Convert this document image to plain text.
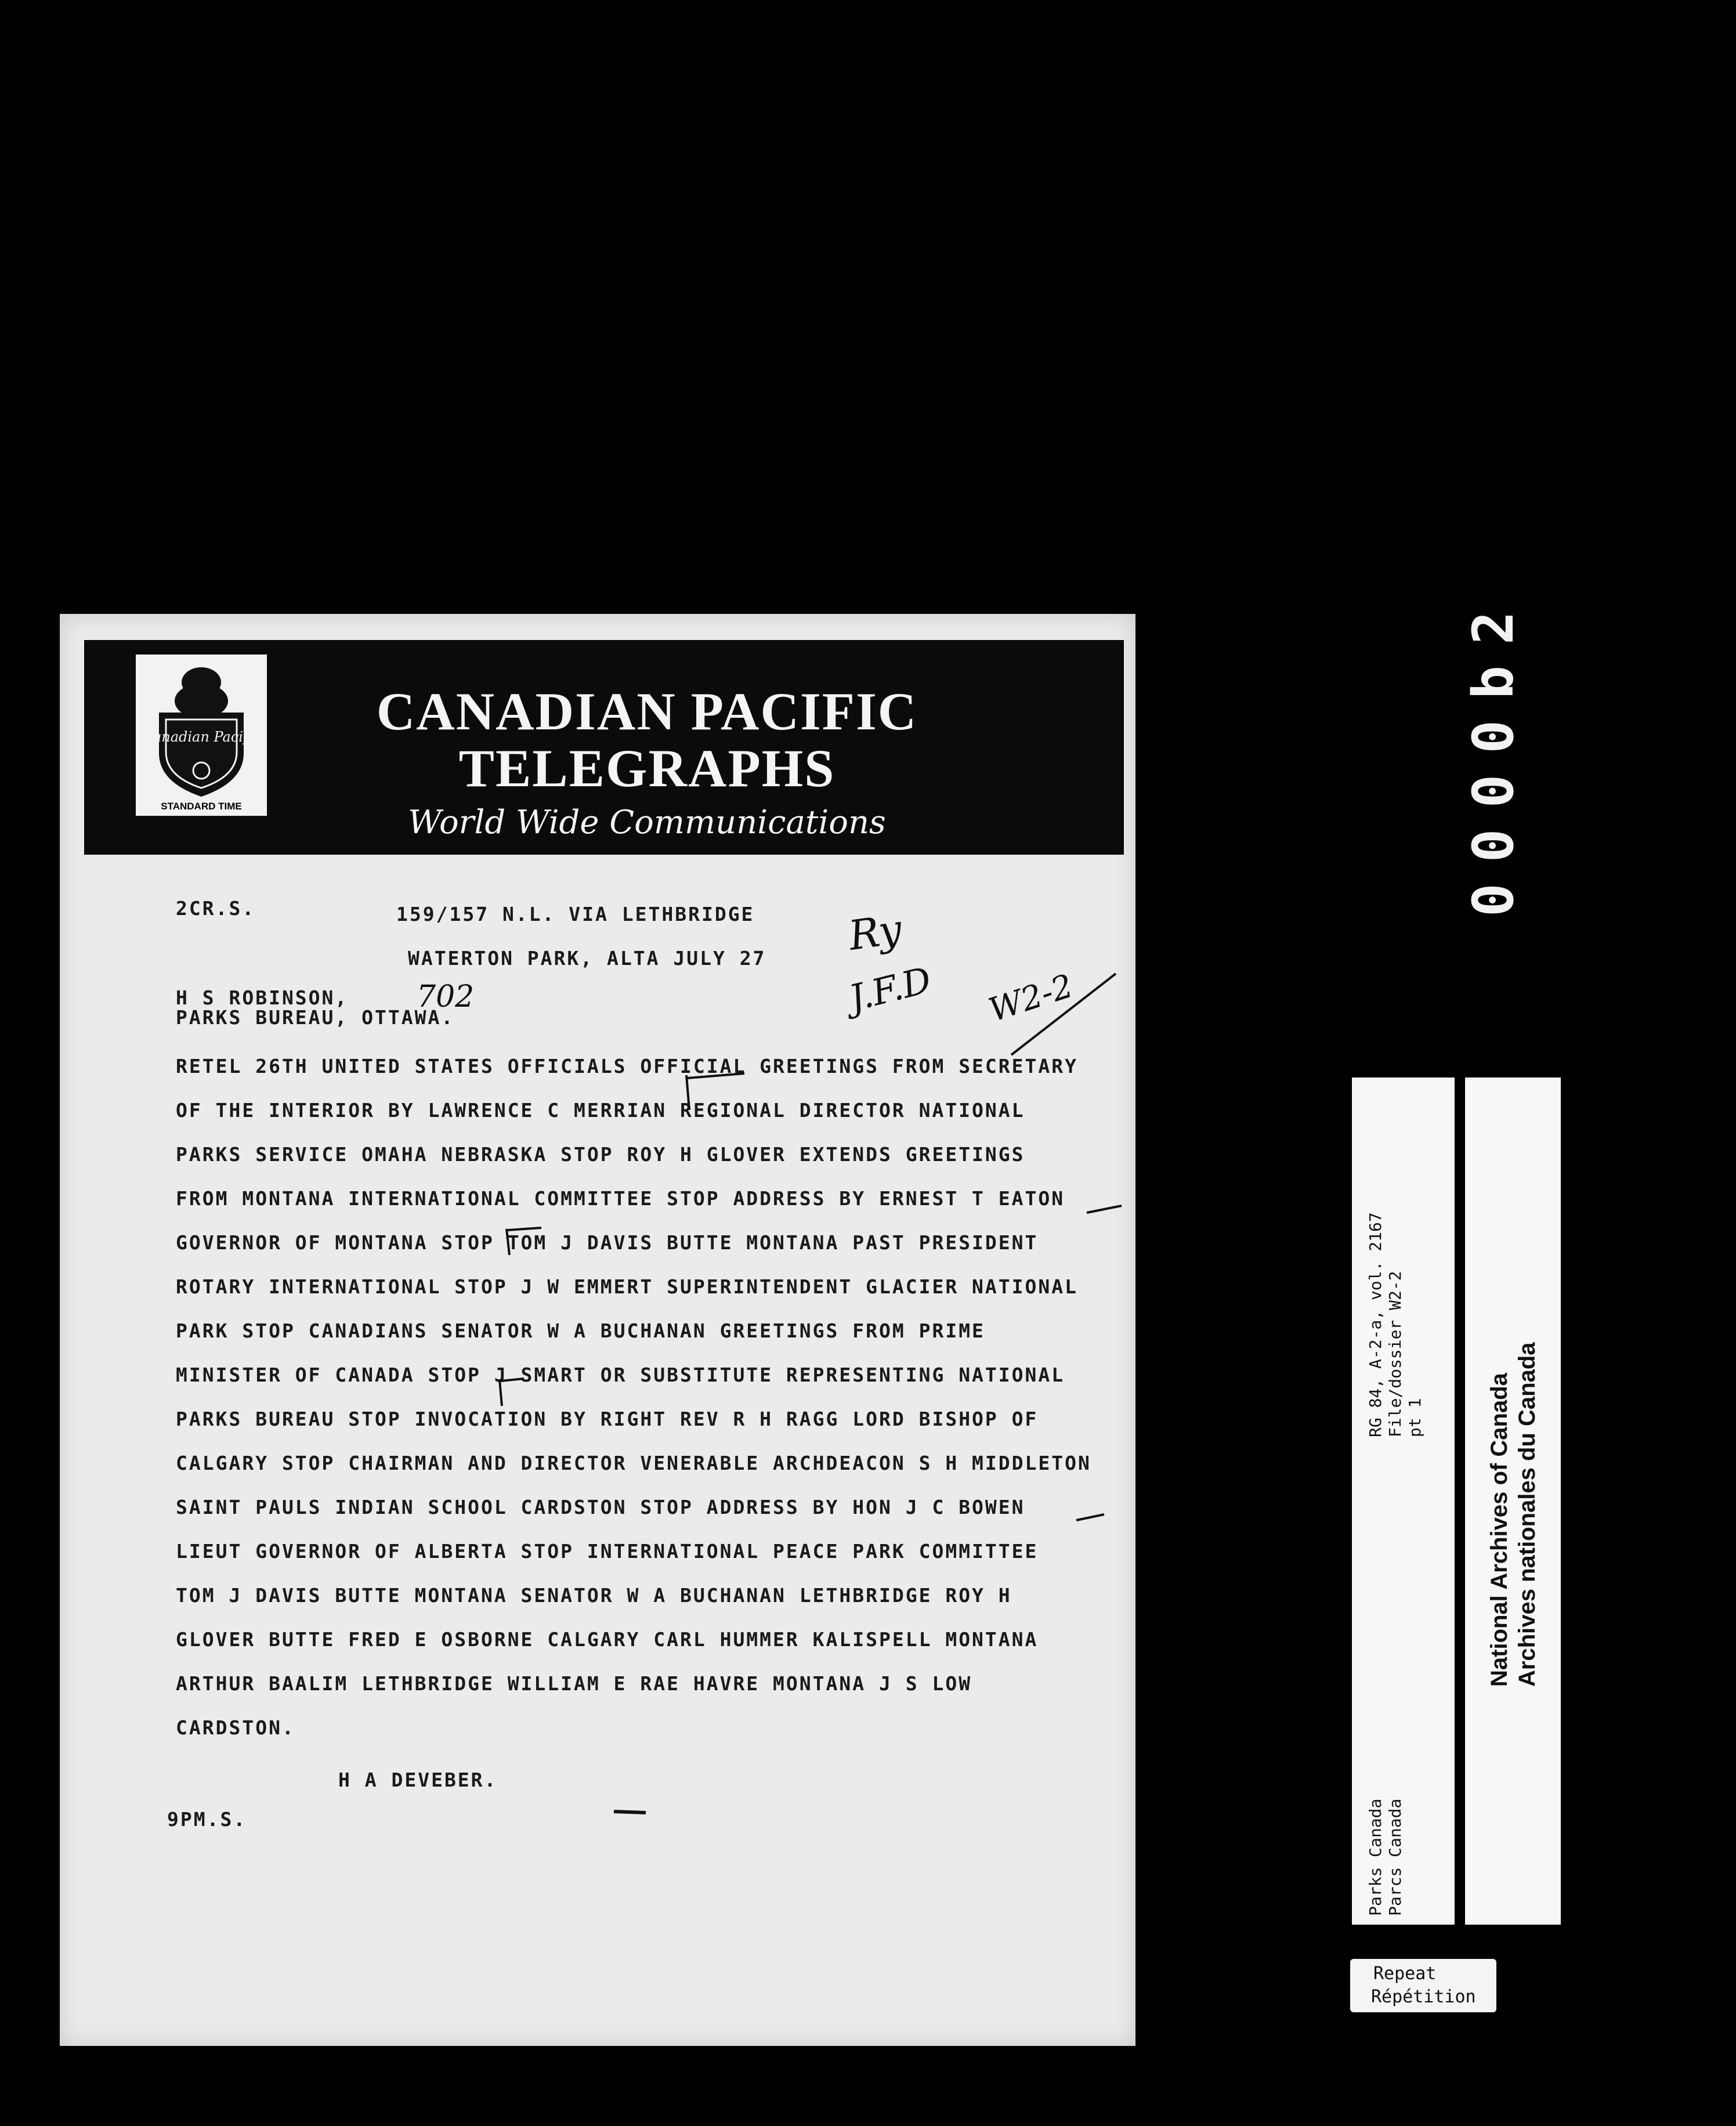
Canadian Pacific
STANDARD TIME
CANADIAN PACIFIC
TELEGRAPHS
World Wide Communications
2CR.S.	159/157 N.L. VIA LETHBRIDGE
WATERTON PARK, ALTA JULY 27
H S ROBINSON,
PARKS BUREAU, OTTAWA.
RETEL 26TH UNITED STATES OFFICIALS OFFICIAL GREETINGS FROM SECRETARY
OF THE INTERIOR BY LAWRENCE C MERRIAN REGIONAL DIRECTOR NATIONAL
PARKS SERVICE OMAHA NEBRASKA STOP ROY H GLOVER EXTENDS GREETINGS
FROM MONTANA INTERNATIONAL COMMITTEE STOP ADDRESS BY ERNEST T EATON
GOVERNOR OF MONTANA STOP TOM J DAVIS BUTTE MONTANA PAST PRESIDENT
ROTARY INTERNATIONAL STOP J W EMMERT SUPERINTENDENT GLACIER NATIONAL
PARK STOP CANADIANS SENATOR W A BUCHANAN GREETINGS FROM PRIME
MINISTER OF CANADA STOP J SMART OR SUBSTITUTE REPRESENTING NATIONAL
PARKS BUREAU STOP INVOCATION BY RIGHT REV R H RAGG LORD BISHOP OF
CALGARY STOP CHAIRMAN AND DIRECTOR VENERABLE ARCHDEACON S H MIDDLETON
SAINT PAULS INDIAN SCHOOL CARDSTON STOP ADDRESS BY HON J C BOWEN
LIEUT GOVERNOR OF ALBERTA STOP INTERNATIONAL PEACE PARK COMMITTEE
TOM J DAVIS BUTTE MONTANA SENATOR W A BUCHANAN LETHBRIDGE ROY H
GLOVER BUTTE FRED E OSBORNE CALGARY CARL HUMMER KALISPELL MONTANA
ARTHUR BAALIM LETHBRIDGE WILLIAM E RAE HAVRE MONTANA J S LOW
CARDSTON.
H A DEVEBER.
9PM.S.
702
Ry
J.F.D W2-2
0000b2
RG 84, A-2-a, vol. 2167 File/dossier W2-2 pt 1
Parks Canada Parcs Canada
National Archives of Canada Archives nationales du Canada
Repeat
Répétition
